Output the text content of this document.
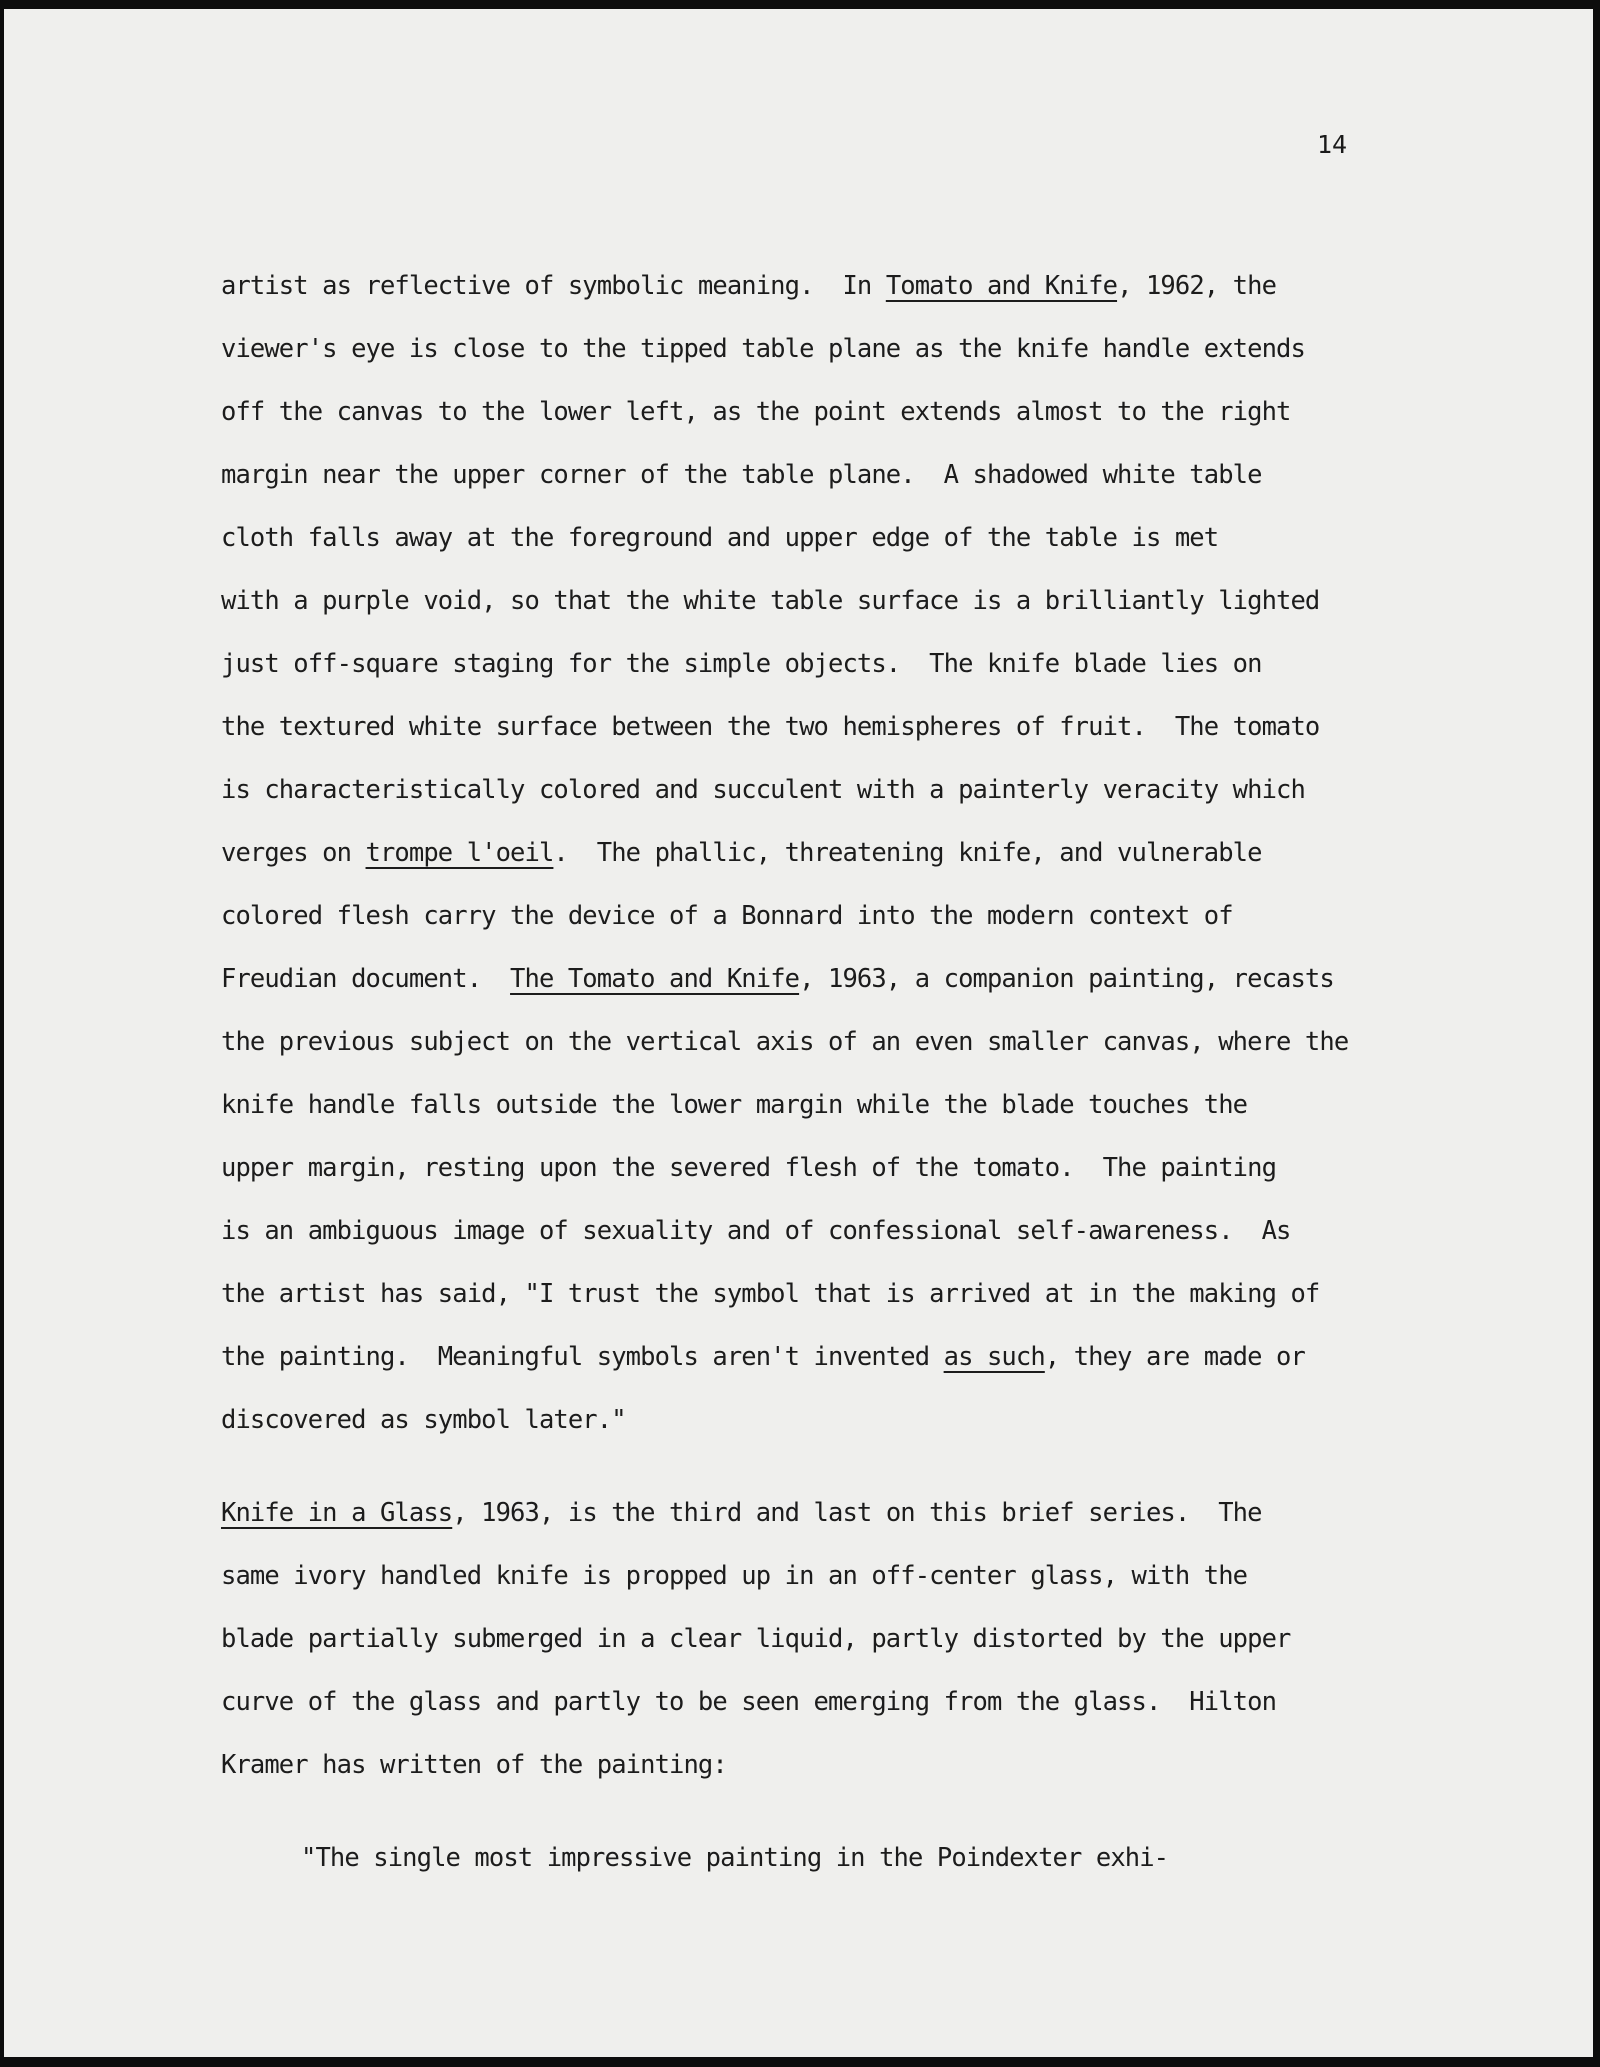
14
artist as reflective of symbolic meaning.  In Tomato and Knife, 1962, the
viewer's eye is close to the tipped table plane as the knife handle extends
off the canvas to the lower left, as the point extends almost to the right
margin near the upper corner of the table plane.  A shadowed white table
cloth falls away at the foreground and upper edge of the table is met
with a purple void, so that the white table surface is a brilliantly lighted
just off-square staging for the simple objects.  The knife blade lies on
the textured white surface between the two hemispheres of fruit.  The tomato
is characteristically colored and succulent with a painterly veracity which
verges on trompe l'oeil.  The phallic, threatening knife, and vulnerable
colored flesh carry the device of a Bonnard into the modern context of
Freudian document.  The Tomato and Knife, 1963, a companion painting, recasts
the previous subject on the vertical axis of an even smaller canvas, where the
knife handle falls outside the lower margin while the blade touches the
upper margin, resting upon the severed flesh of the tomato.  The painting
is an ambiguous image of sexuality and of confessional self-awareness.  As
the artist has said, "I trust the symbol that is arrived at in the making of
the painting.  Meaningful symbols aren't invented as such, they are made or
discovered as symbol later."
Knife in a Glass, 1963, is the third and last on this brief series.  The
same ivory handled knife is propped up in an off-center glass, with the
blade partially submerged in a clear liquid, partly distorted by the upper
curve of the glass and partly to be seen emerging from the glass.  Hilton
Kramer has written of the painting:
"The single most impressive painting in the Poindexter exhi-
